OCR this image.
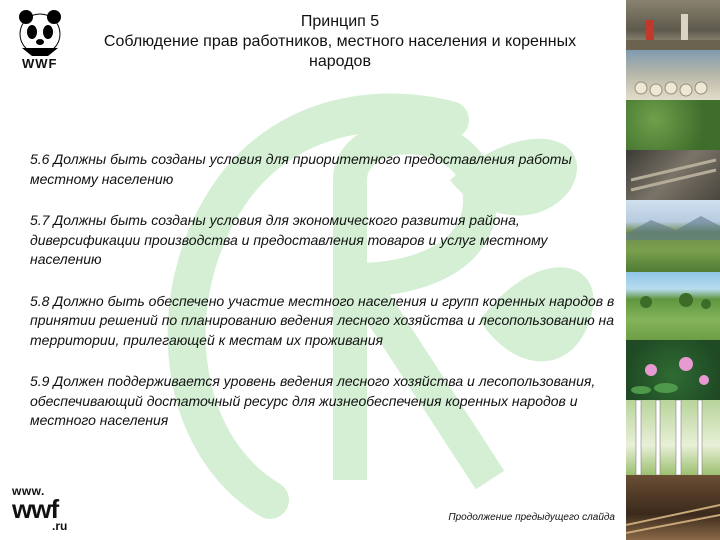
WWF
Принцип 5
Соблюдение прав работников, местного населения и коренных
народов

5.6 Должны быть созданы условия для приоритетного предоставления работы местному населению

5.7 Должны быть созданы условия для экономического развития района, диверсификации производства и предоставления товаров и услуг местному населению

5.8 Должно быть обеспечено участие местного населения и групп коренных народов в принятии решений по планированию ведения лесного хозяйства и лесопользованию на территории, прилегающей к местам их проживания

5.9 Должен поддерживается уровень ведения лесного хозяйства и лесопользования, обеспечивающий достаточный ресурс для жизнеобеспечения коренных народов и местного населения

Продолжение предыдущего слайда
www.
wwf
.ru
